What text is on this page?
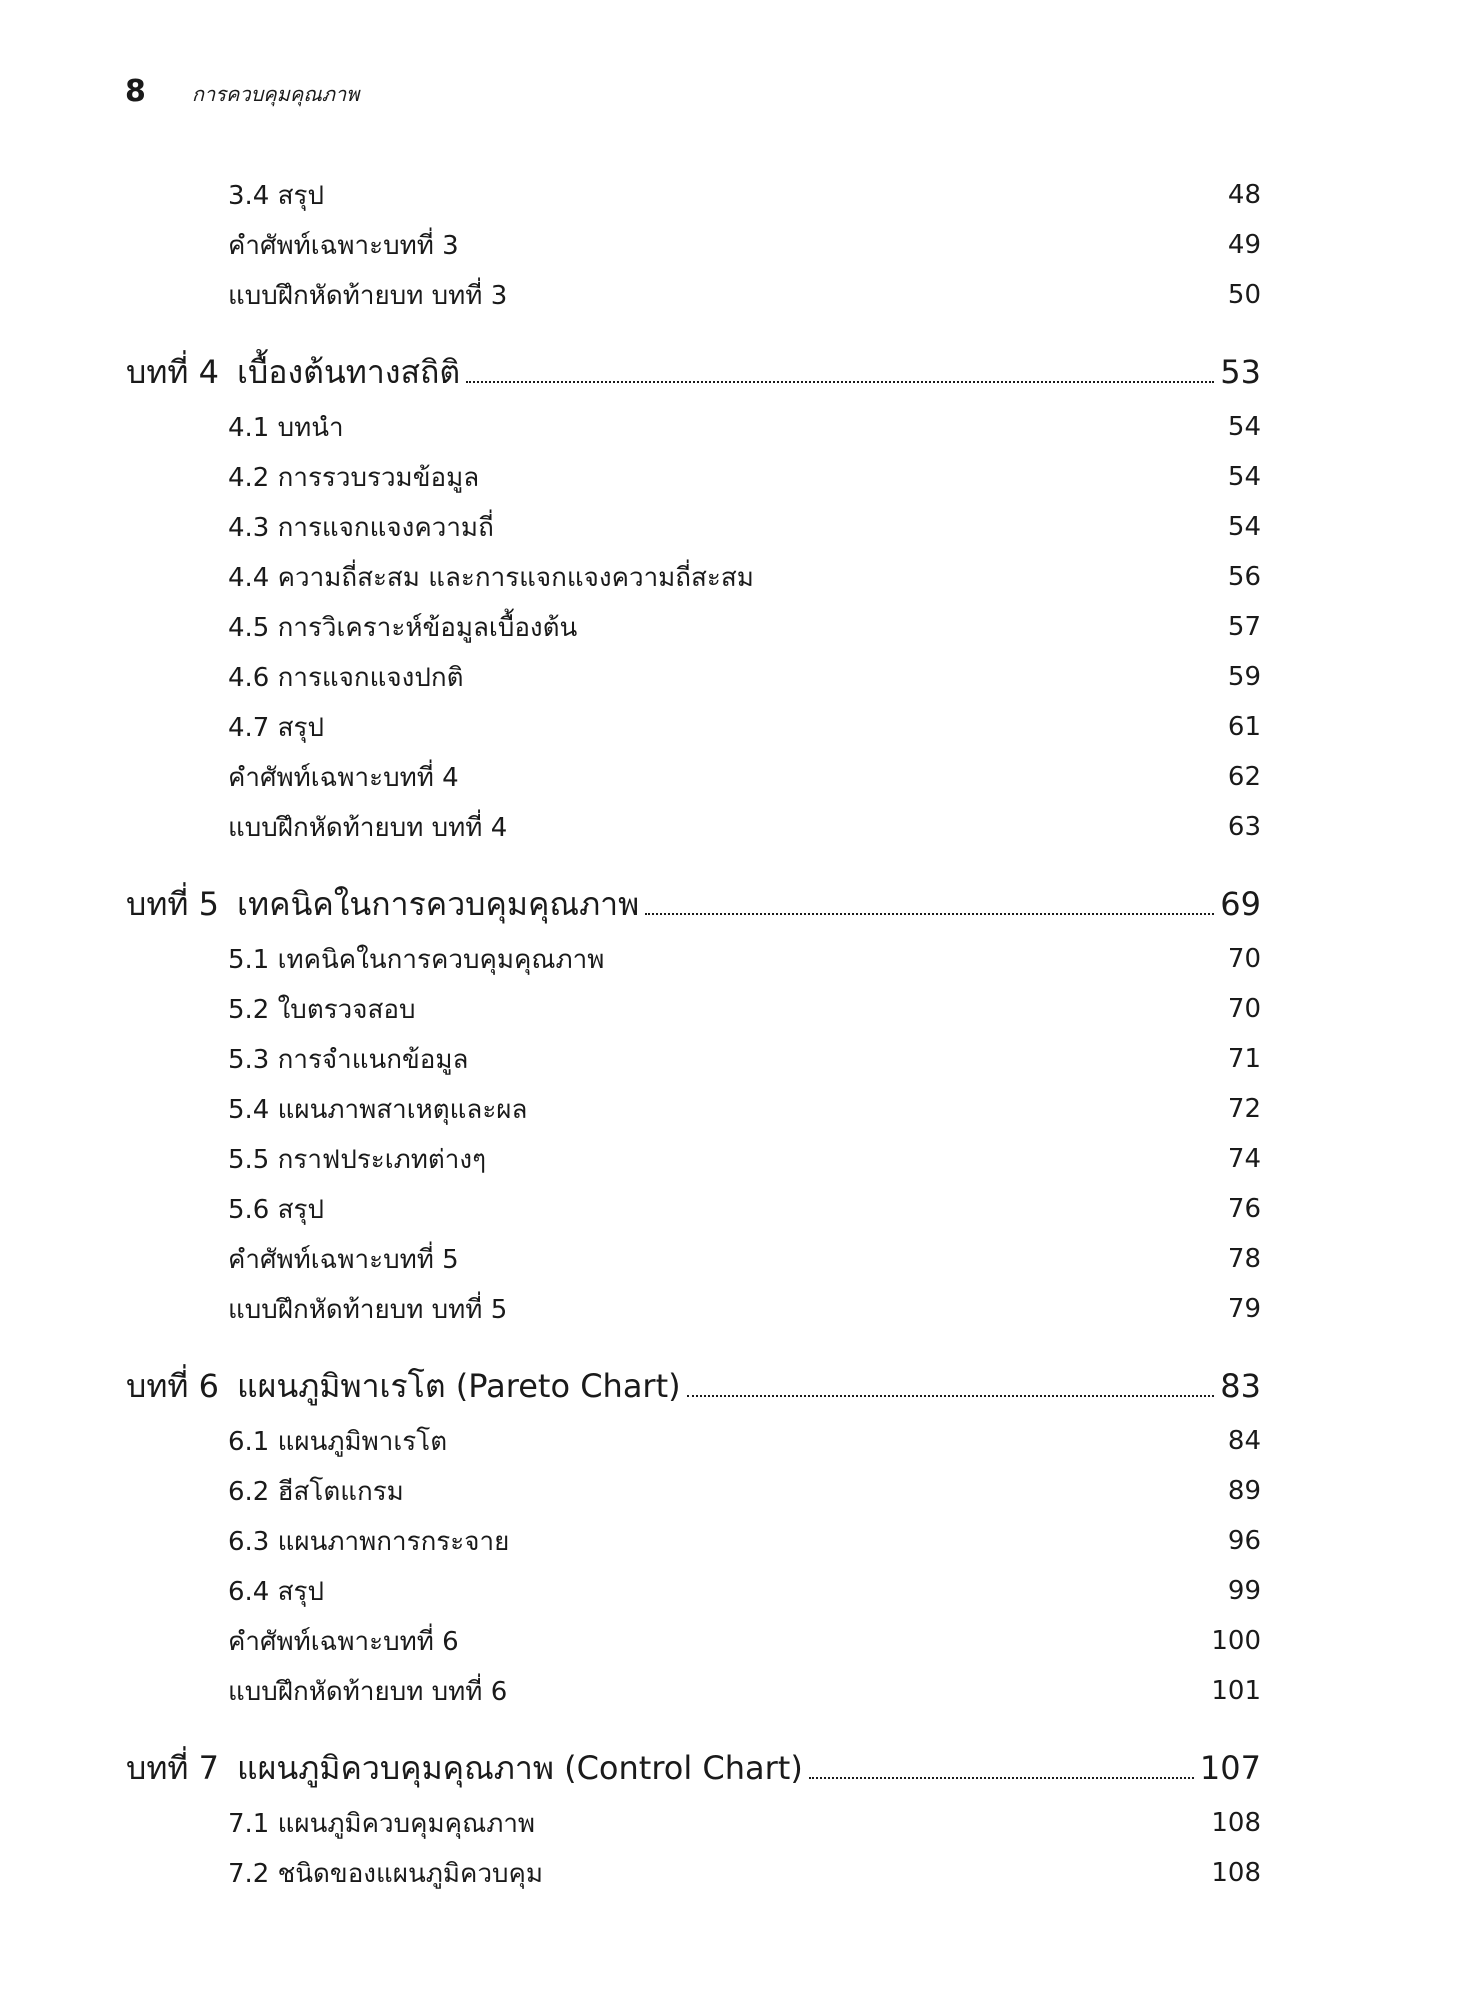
8 การควบคุมคุณภาพ
3.4 สรุป	48
คำศัพท์เฉพาะบทที่ 3	49
แบบฝึกหัดท้ายบท บทที่ 3	50
บทที่ 4 เบื้องต้นทางสถิติ	53
4.1 บทนำ	54
4.2 การรวบรวมข้อมูล	54
4.3 การแจกแจงความถี่	54
4.4 ความถี่สะสม และการแจกแจงความถี่สะสม	56
4.5 การวิเคราะห์ข้อมูลเบื้องต้น	57
4.6 การแจกแจงปกติ	59
4.7 สรุป	61
คำศัพท์เฉพาะบทที่ 4	62
แบบฝึกหัดท้ายบท บทที่ 4	63
บทที่ 5 เทคนิคในการควบคุมคุณภาพ	69
5.1 เทคนิคในการควบคุมคุณภาพ	70
5.2 ใบตรวจสอบ	70
5.3 การจำแนกข้อมูล	71
5.4 แผนภาพสาเหตุและผล	72
5.5 กราฟประเภทต่างๆ	74
5.6 สรุป	76
คำศัพท์เฉพาะบทที่ 5	78
แบบฝึกหัดท้ายบท บทที่ 5	79
บทที่ 6 แผนภูมิพาเรโต (Pareto Chart)	83
6.1 แผนภูมิพาเรโต	84
6.2 ฮีสโตแกรม	89
6.3 แผนภาพการกระจาย	96
6.4 สรุป	99
คำศัพท์เฉพาะบทที่ 6	100
แบบฝึกหัดท้ายบท บทที่ 6	101
บทที่ 7 แผนภูมิควบคุมคุณภาพ (Control Chart)	107
7.1 แผนภูมิควบคุมคุณภาพ	108
7.2 ชนิดของแผนภูมิควบคุม	108
